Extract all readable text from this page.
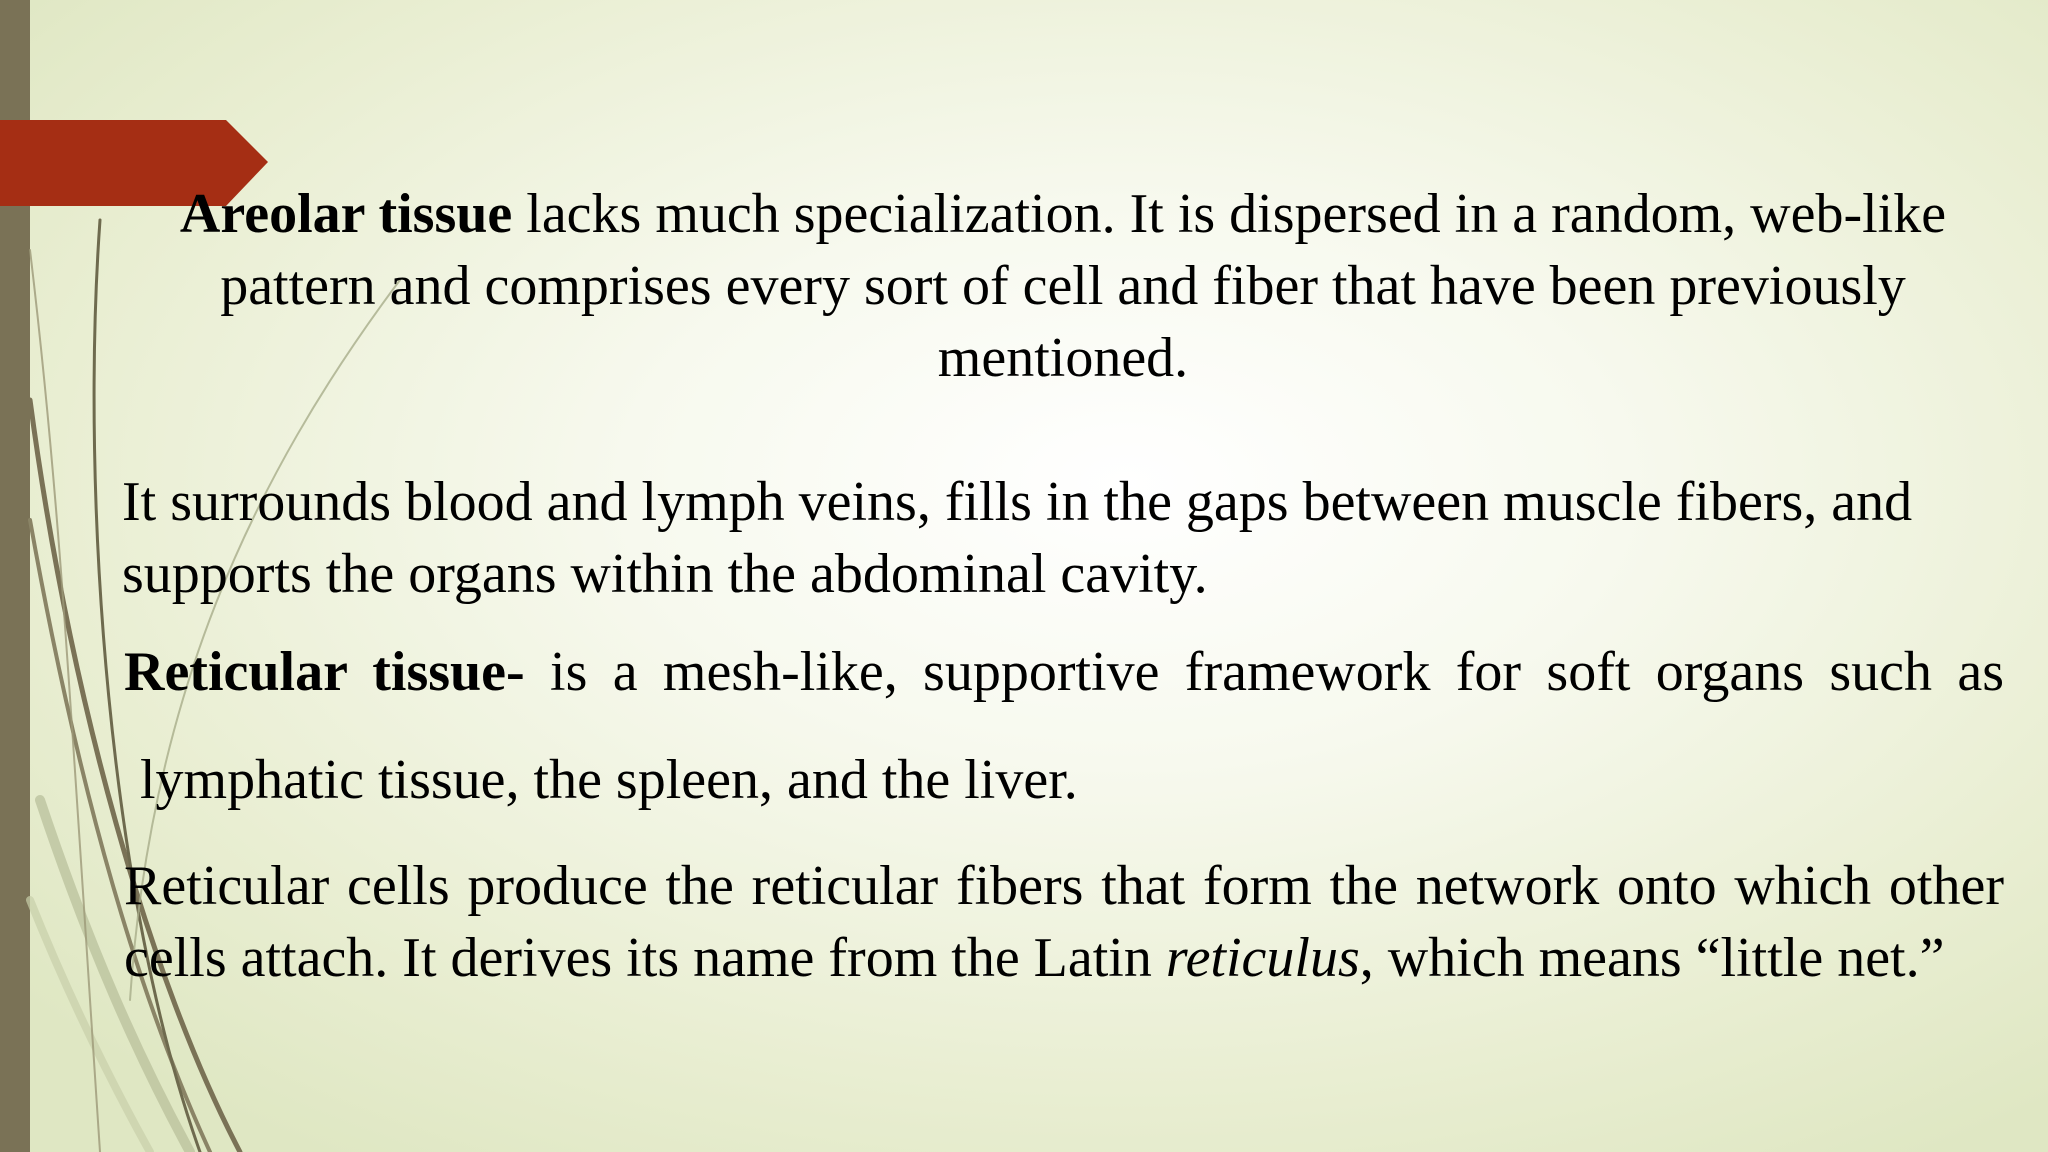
Areolar tissue lacks much specialization. It is dispersed in a random, web-like pattern and comprises every sort of cell and fiber that have been previously mentioned.
It surrounds blood and lymph veins, fills in the gaps between muscle fibers, and supports the organs within the abdominal cavity.
Reticular tissue- is a mesh-like, supportive framework for soft organs such as
lymphatic tissue, the spleen, and the liver.
Reticular cells produce the reticular fibers that form the network onto which other cells attach. It derives its name from the Latin reticulus, which means “little net.”
